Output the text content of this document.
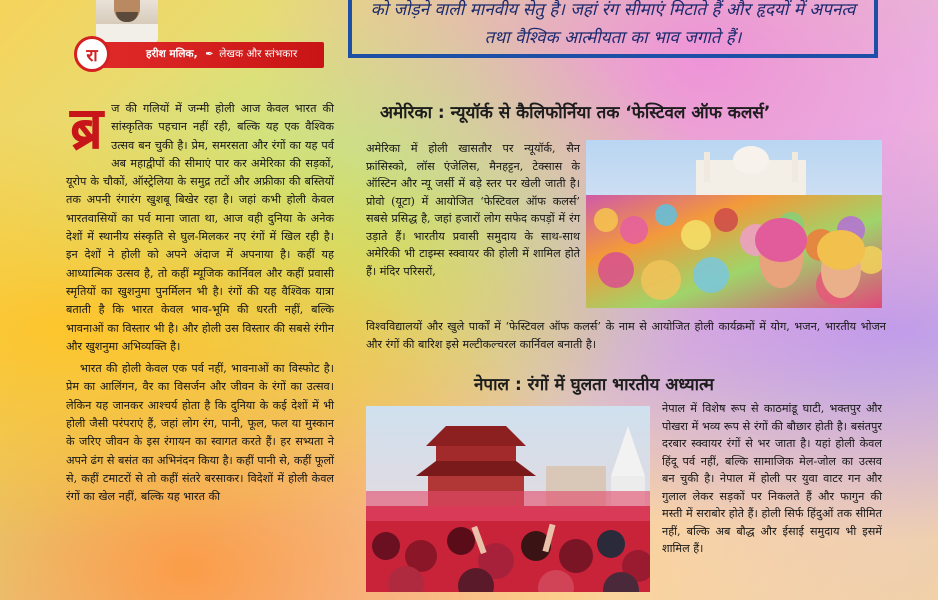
रा	हरीश मलिक, ✒ लेखक और स्तंभकार
को जोड़ने वाली मानवीय सेतु है। जहां रंग सीमाएं मिटाते हैं और हृदयों में अपनत्व तथा वैश्विक आत्मीयता का भाव जगाते हैं।
ब्र ज की गलियों में जन्मी होली आज केवल भारत की सांस्कृतिक पहचान नहीं रही, बल्कि यह एक वैश्विक उत्सव बन चुकी है। प्रेम, समरसता और रंगों का यह पर्व अब महाद्वीपों की सीमाएं पार कर अमेरिका की सड़कों, यूरोप के चौकों, ऑस्ट्रेलिया के समुद्र तटों और अफ्रीका की बस्तियों तक अपनी रंगारंग खुशबू बिखेर रहा है। जहां कभी होली केवल भारतवासियों का पर्व माना जाता था, आज वही दुनिया के अनेक देशों में स्थानीय संस्कृति से घुल-मिलकर नए रंगों में खिल रही है। इन देशों ने होली को अपने अंदाज में अपनाया है। कहीं यह आध्यात्मिक उत्सव है, तो कहीं म्यूजिक कार्निवल और कहीं प्रवासी स्मृतियों का खुशनुमा पुनर्मिलन भी है। रंगों की यह वैश्विक यात्रा बताती है कि भारत केवल भाव-भूमि की धरती नहीं, बल्कि भावनाओं का विस्तार भी है। और होली उस विस्तार की सबसे रंगीन और खुशनुमा अभिव्यक्ति है।

भारत की होली केवल एक पर्व नहीं, भावनाओं का विस्फोट है। प्रेम का आलिंगन, वैर का विसर्जन और जीवन के रंगों का उत्सव। लेकिन यह जानकर आश्चर्य होता है कि दुनिया के कई देशों में भी होली जैसी परंपराएं हैं, जहां लोग रंग, पानी, फूल, फल या मुस्कान के जरिए जीवन के इस रंगायन का स्वागत करते हैं। हर सभ्यता ने अपने ढंग से बसंत का अभिनंदन किया है। कहीं पानी से, कहीं फूलों से, कहीं टमाटरों से तो कहीं संतरे बरसाकर। विदेशों में होली केवल रंगों का खेल नहीं, बल्कि यह भारत की

अमेरिका : न्यूयॉर्क से कैलिफोर्निया तक ‘फेस्टिवल ऑफ कलर्स’
अमेरिका में होली खासतौर पर न्यूयॉर्क, सैन फ्रांसिस्को, लॉस एंजेलिस, मैनहट्टन, टेक्सास के ऑस्टिन और न्यू जर्सी में बड़े स्तर पर खेली जाती है। प्रोवो (यूटा) में आयोजित ‘फेस्टिवल ऑफ कलर्स’ सबसे प्रसिद्ध है, जहां हजारों लोग सफेद कपड़ों में रंग उड़ाते हैं। भारतीय प्रवासी समुदाय के साथ-साथ अमेरिकी भी टाइम्स स्क्वायर की होली में शामिल होते हैं। मंदिर परिसरों,
विश्वविद्यालयों और खुले पार्कों में ‘फेस्टिवल ऑफ कलर्स’ के नाम से आयोजित होली कार्यक्रमों में योग, भजन, भारतीय भोजन और रंगों की बारिश इसे मल्टीकल्चरल कार्निवल बनाती है।
नेपाल : रंगों में घुलता भारतीय अध्यात्म
नेपाल में विशेष रूप से काठमांडू घाटी, भक्तपुर और पोखरा में भव्य रूप से रंगों की बौछार होती है। बसंतपुर दरबार स्क्वायर रंगों से भर जाता है। यहां होली केवल हिंदू पर्व नहीं, बल्कि सामाजिक मेल-जोल का उत्सव बन चुकी है। नेपाल में होली पर युवा वाटर गन और गुलाल लेकर सड़कों पर निकलते हैं और फागुन की मस्ती में सराबोर होते हैं। होली सिर्फ हिंदुओं तक सीमित नहीं, बल्कि अब बौद्ध और ईसाई समुदाय भी इसमें शामिल हैं।
